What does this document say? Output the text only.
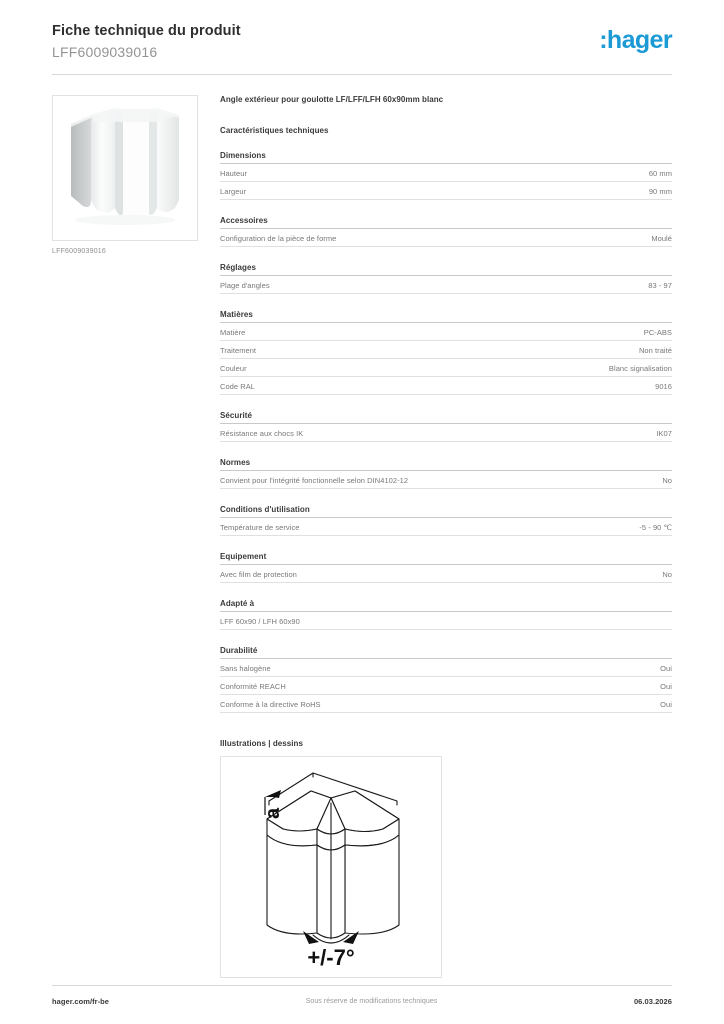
Fiche technique du produit
LFF6009039016	:hager
LFF6009039016
Angle extérieur pour goulotte LF/LFF/LFH 60x90mm blanc
Caractéristiques techniques
Dimensions
Hauteur	60 mm
Largeur	90 mm
Accessoires
Configuration de la pièce de forme	Moulé
Réglages
Plage d'angles	83 - 97
Matières
Matière	PC-ABS
Traitement	Non traité
Couleur	Blanc signalisation
Code RAL	9016
Sécurité
Résistance aux chocs IK	IK07
Normes
Convient pour l'intégrité fonctionnelle selon DIN4102-12	No
Conditions d'utilisation
Température de service	-5 - 90 ℃
Equipement
Avec film de protection	No
Adapté à
LFF 60x90 / LFH 60x90
Durabilité
Sans halogène	Oui
Conformité REACH	Oui
Conforme à la directive RoHS	Oui
Illustrations | dessins
a
+/-7°
hager.com/fr-be	Sous réserve de modifications techniques	06.03.2026
